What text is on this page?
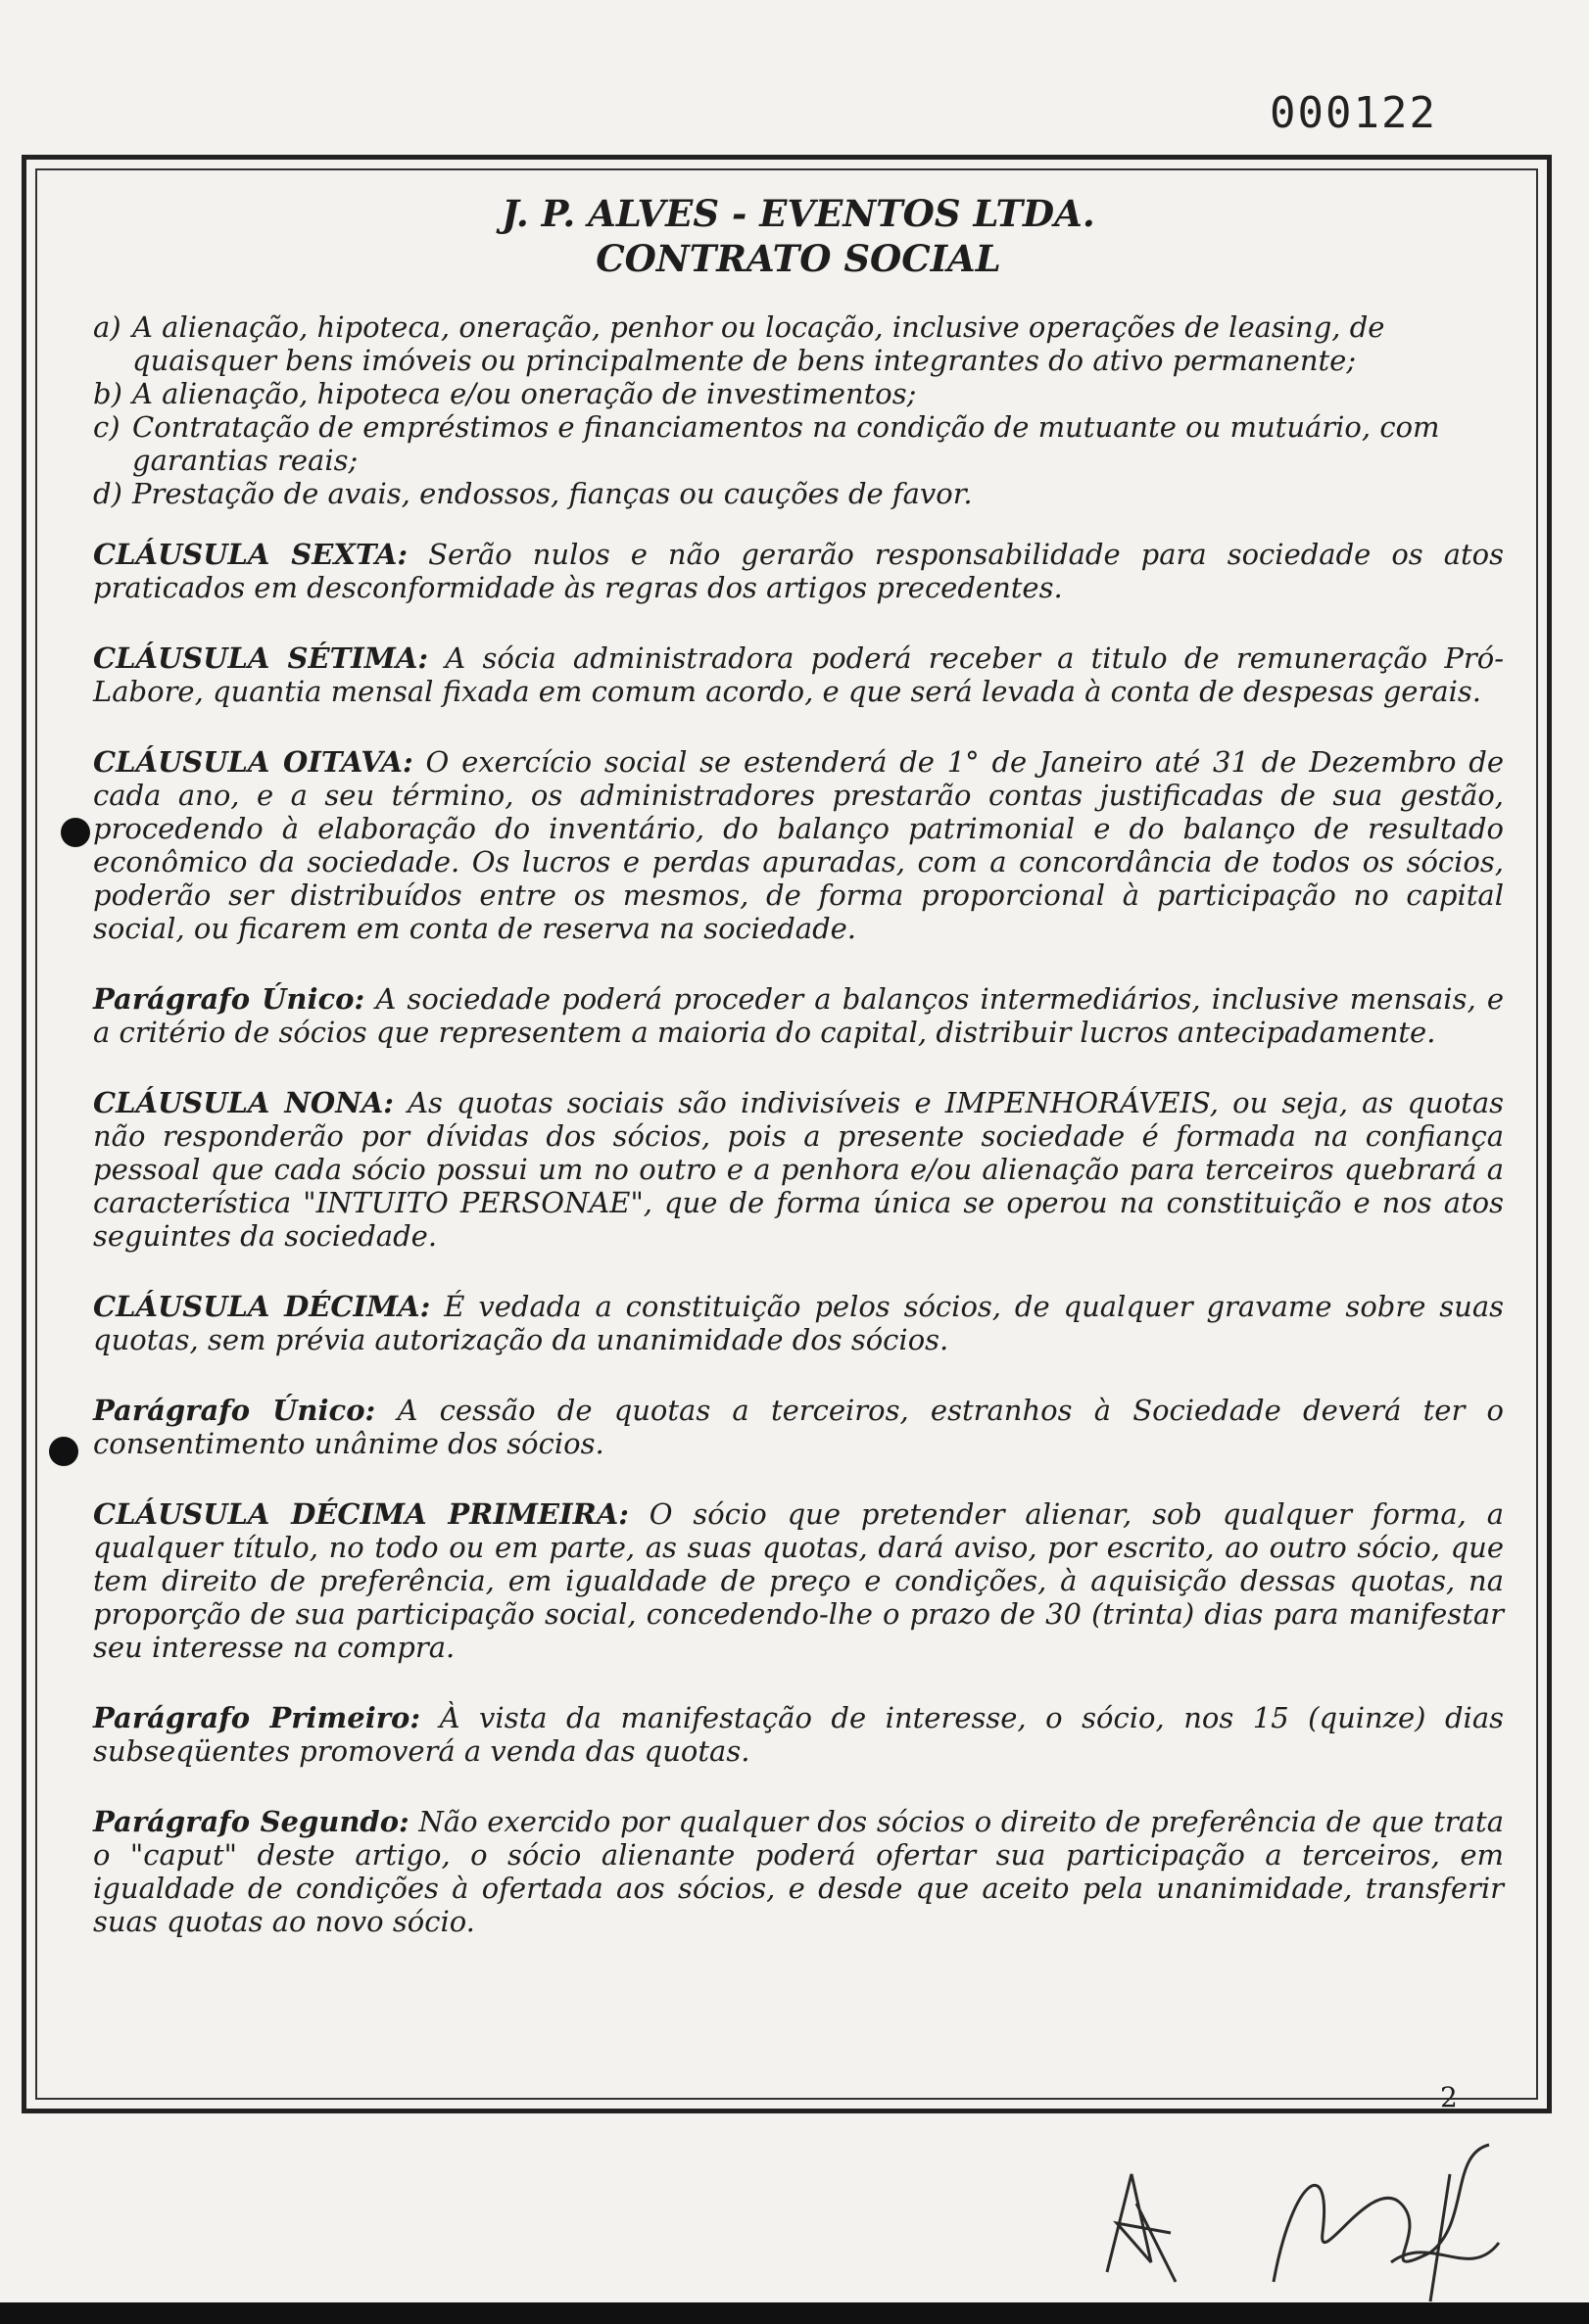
000122
J. P. ALVES - EVENTOS LTDA.
CONTRATO SOCIAL
a) A alienação, hipoteca, oneração, penhor ou locação, inclusive operações de leasing, de quaisquer bens imóveis ou principalmente de bens integrantes do ativo permanente;
b) A alienação, hipoteca e/ou oneração de investimentos;
c) Contratação de empréstimos e financiamentos na condição de mutuante ou mutuário, com garantias reais;
d) Prestação de avais, endossos, fianças ou cauções de favor.

CLÁUSULA SEXTA: Serão nulos e não gerarão responsabilidade para sociedade os atos praticados em desconformidade às regras dos artigos precedentes.

CLÁUSULA SÉTIMA: A sócia administradora poderá receber a titulo de remuneração Pró-Labore, quantia mensal fixada em comum acordo, e que será levada à conta de despesas gerais.

CLÁUSULA OITAVA: O exercício social se estenderá de 1° de Janeiro até 31 de Dezembro de cada ano, e a seu término, os administradores prestarão contas justificadas de sua gestão, procedendo à elaboração do inventário, do balanço patrimonial e do balanço de resultado econômico da sociedade. Os lucros e perdas apuradas, com a concordância de todos os sócios, poderão ser distribuídos entre os mesmos, de forma proporcional à participação no capital social, ou ficarem em conta de reserva na sociedade.

Parágrafo Único: A sociedade poderá proceder a balanços intermediários, inclusive mensais, e a critério de sócios que representem a maioria do capital, distribuir lucros antecipadamente.

CLÁUSULA NONA: As quotas sociais são indivisíveis e IMPENHORÁVEIS, ou seja, as quotas não responderão por dívidas dos sócios, pois a presente sociedade é formada na confiança pessoal que cada sócio possui um no outro e a penhora e/ou alienação para terceiros quebrará a característica "INTUITO PERSONAE", que de forma única se operou na constituição e nos atos seguintes da sociedade.

CLÁUSULA DÉCIMA: É vedada a constituição pelos sócios, de qualquer gravame sobre suas quotas, sem prévia autorização da unanimidade dos sócios.

Parágrafo Único: A cessão de quotas a terceiros, estranhos à Sociedade deverá ter o consentimento unânime dos sócios.

CLÁUSULA DÉCIMA PRIMEIRA: O sócio que pretender alienar, sob qualquer forma, a qualquer título, no todo ou em parte, as suas quotas, dará aviso, por escrito, ao outro sócio, que tem direito de preferência, em igualdade de preço e condições, à aquisição dessas quotas, na proporção de sua participação social, concedendo-lhe o prazo de 30 (trinta) dias para manifestar seu interesse na compra.

Parágrafo Primeiro: À vista da manifestação de interesse, o sócio, nos 15 (quinze) dias subseqüentes promoverá a venda das quotas.

Parágrafo Segundo: Não exercido por qualquer dos sócios o direito de preferência de que trata o "caput" deste artigo, o sócio alienante poderá ofertar sua participação a terceiros, em igualdade de condições à ofertada aos sócios, e desde que aceito pela unanimidade, transferir suas quotas ao novo sócio.

2
